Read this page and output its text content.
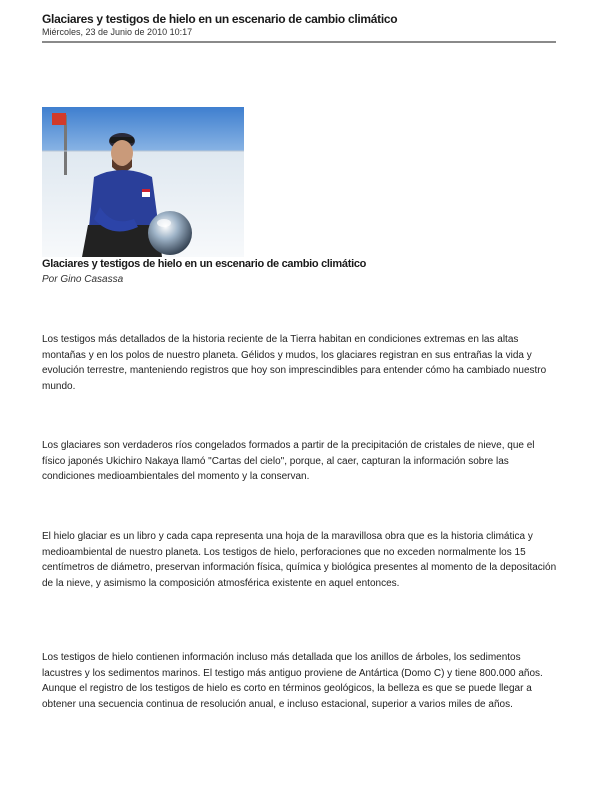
Glaciares y testigos de hielo en un escenario de cambio climático
Miércoles, 23 de Junio de 2010 10:17
Glaciares y testigos de hielo en un escenario de cambio climático
Por Gino Casassa

Los testigos más detallados de la historia reciente de la Tierra habitan en condiciones extremas en las altas montañas y en los polos de nuestro planeta. Gélidos y mudos, los glaciares registran en sus entrañas la vida y evolución terrestre, manteniendo registros que hoy son imprescindibles para entender cómo ha cambiado nuestro mundo.

Los glaciares son verdaderos ríos congelados formados a partir de la precipitación de cristales de nieve, que el físico japonés Ukichiro Nakaya llamó "Cartas del cielo", porque, al caer, capturan la información sobre las condiciones medioambientales del momento y la conservan.

El hielo glaciar es un libro y cada capa representa una hoja de la maravillosa obra que es la historia climática y medioambiental de nuestro planeta. Los testigos de hielo, perforaciones que no exceden normalmente los 15 centímetros de diámetro, preservan información física, química y biológica presentes al momento de la depositación de la nieve, y asimismo la composición atmosférica existente en aquel entonces.

Los testigos de hielo contienen información incluso más detallada que los anillos de árboles, los sedimentos lacustres y los sedimentos marinos. El testigo más antiguo proviene de Antártica (Domo C) y tiene 800.000 años. Aunque el registro de los testigos de hielo es corto en términos geológicos, la belleza es que se puede llegar a obtener una secuencia continua de resolución anual, e incluso estacional, superior a varios miles de años.
